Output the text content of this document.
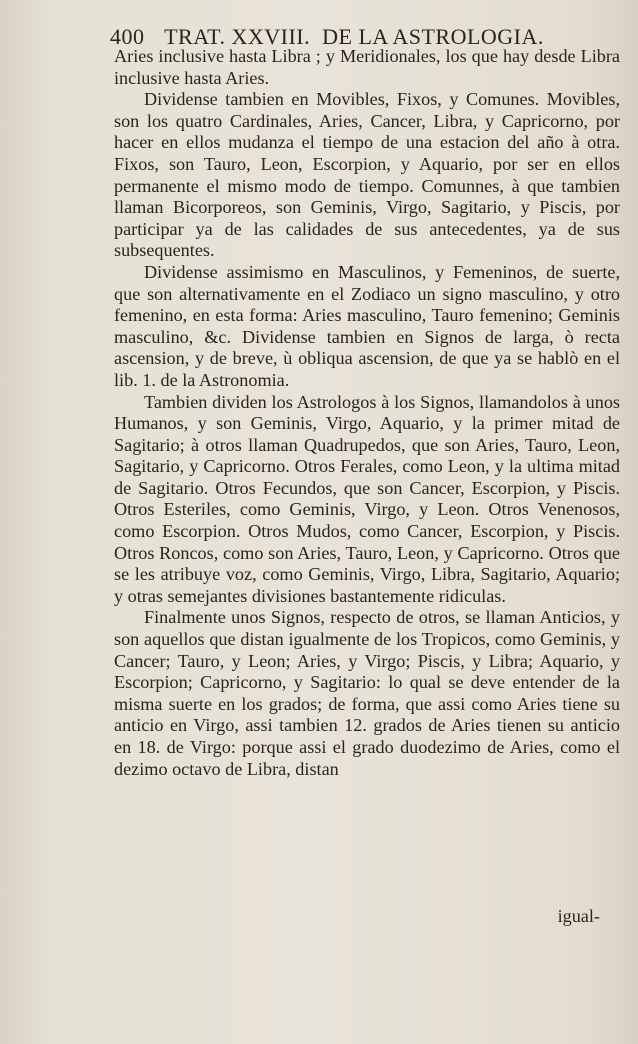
400 TRAT. XXVIII. DE LA ASTROLOGIA.

Aries inclusive hasta Libra ; y Meridionales, los que hay desde Libra inclusive hasta Aries.

Dividense tambien en Movibles, Fixos, y Comunes. Movibles, son los quatro Cardinales, Aries, Cancer, Libra, y Capricorno, por hacer en ellos mudanza el tiempo de una estacion del año à otra. Fixos, son Tauro, Leon, Escorpion, y Aquario, por ser en ellos permanente el mismo modo de tiempo. Comunnes, à que tambien llaman Bicorporeos, son Geminis, Virgo, Sagitario, y Piscis, por participar ya de las calidades de sus antecedentes, ya de sus subsequentes.

Dividense assimismo en Masculinos, y Femeninos, de suerte, que son alternativamente en el Zodiaco un signo masculino, y otro femenino, en esta forma: Aries masculino, Tauro femenino; Geminis masculino, &c. Dividense tambien en Signos de larga, ò recta ascension, y de breve, ù obliqua ascension, de que ya se hablò en el lib. 1. de la Astronomia.

Tambien dividen los Astrologos à los Signos, llamandolos à unos Humanos, y son Geminis, Virgo, Aquario, y la primer mitad de Sagitario; à otros llaman Quadrupedos, que son Aries, Tauro, Leon, Sagitario, y Capricorno. Otros Ferales, como Leon, y la ultima mitad de Sagitario. Otros Fecundos, que son Cancer, Escorpion, y Piscis. Otros Esteriles, como Geminis, Virgo, y Leon. Otros Venenosos, como Escorpion. Otros Mudos, como Cancer, Escorpion, y Piscis. Otros Roncos, como son Aries, Tauro, Leon, y Capricorno. Otros que se les atribuye voz, como Geminis, Virgo, Libra, Sagitario, Aquario; y otras semejantes divisiones bastantemente ridiculas.

Finalmente unos Signos, respecto de otros, se llaman Anticios, y son aquellos que distan igualmente de los Tropicos, como Geminis, y Cancer; Tauro, y Leon; Aries, y Virgo; Piscis, y Libra; Aquario, y Escorpion; Capricorno, y Sagitario: lo qual se deve entender de la misma suerte en los grados; de forma, que assi como Aries tiene su anticio en Virgo, assi tambien 12. grados de Aries tienen su anticio en 18. de Virgo: porque assi el grado duodezimo de Aries, como el dezimo octavo de Libra, distan

igual-
